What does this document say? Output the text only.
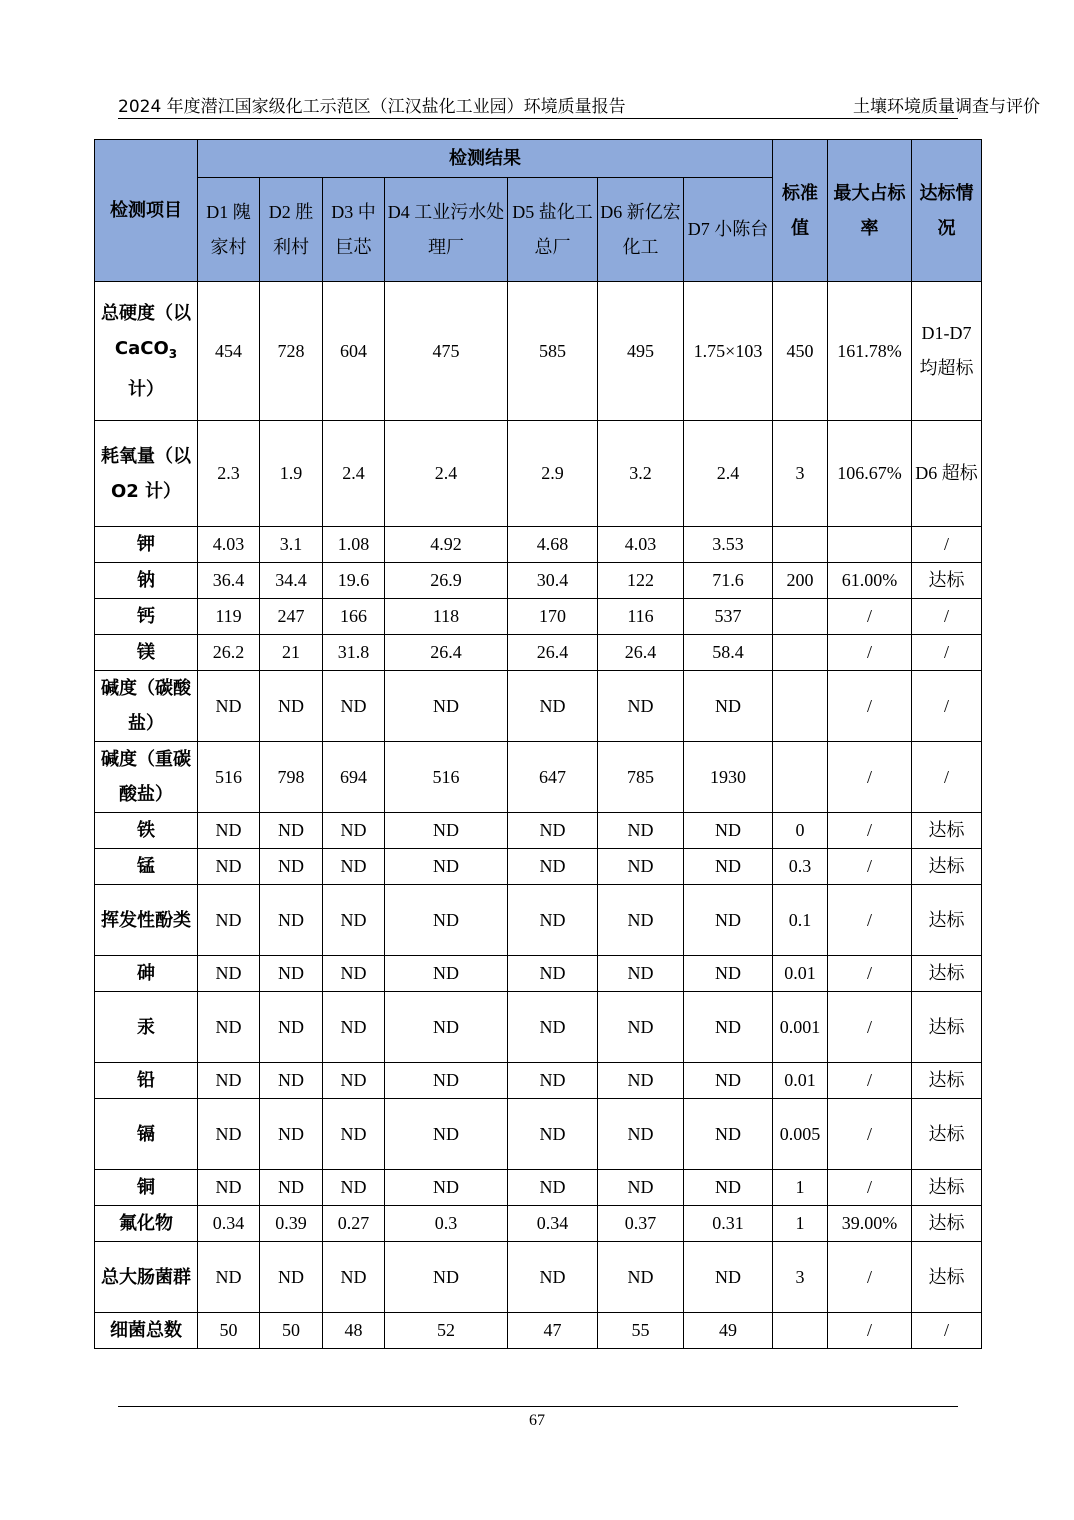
2024 年度潜江国家级化工示范区（江汉盐化工业园）环境质量报告	土壤环境质量调查与评价
检测项目	检测结果							标准值	最大占标率	达标情况
	D1 隗家村	D2 胜利村	D3 中巨芯	D4 工业污水处理厂	D5 盐化工总厂	D6 新亿宏化工	D7 小陈台			
总硬度（以 CaCO$_3$计）	454	728	604	475	585	495	1.75×103	450	161.78%	D1-D7 均超标
耗氧量（以 O2 计）	2.3	1.9	2.4	2.4	2.9	3.2	2.4	3	106.67%	D6 超标
钾	4.03	3.1	1.08	4.92	4.68	4.03	3.53			/
钠	36.4	34.4	19.6	26.9	30.4	122	71.6	200	61.00%	达标
钙	119	247	166	118	170	116	537		/	/
镁	26.2	21	31.8	26.4	26.4	26.4	58.4		/	/
碱度（碳酸盐）	ND	ND	ND	ND	ND	ND	ND		/	/
碱度（重碳酸盐）	516	798	694	516	647	785	1930		/	/
铁	ND	ND	ND	ND	ND	ND	ND	0	/	达标
锰	ND	ND	ND	ND	ND	ND	ND	0.3	/	达标
挥发性酚类	ND	ND	ND	ND	ND	ND	ND	0.1	/	达标
砷	ND	ND	ND	ND	ND	ND	ND	0.01	/	达标
汞	ND	ND	ND	ND	ND	ND	ND	0.001	/	达标
铅	ND	ND	ND	ND	ND	ND	ND	0.01	/	达标
镉	ND	ND	ND	ND	ND	ND	ND	0.005	/	达标
铜	ND	ND	ND	ND	ND	ND	ND	1	/	达标
氟化物	0.34	0.39	0.27	0.3	0.34	0.37	0.31	1	39.00%	达标
总大肠菌群	ND	ND	ND	ND	ND	ND	ND	3	/	达标
细菌总数	50	50	48	52	47	55	49		/	/
67
